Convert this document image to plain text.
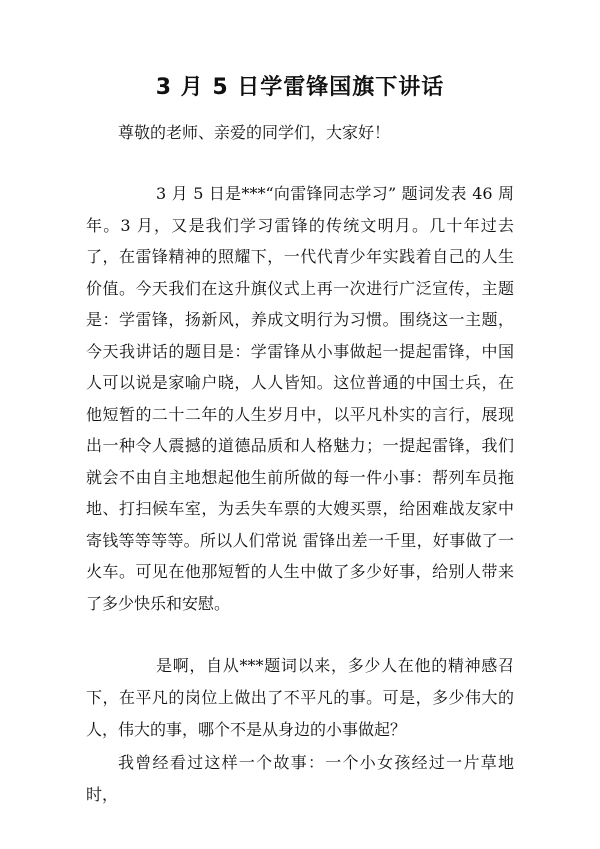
3 月 5 日学雷锋国旗下讲话

尊敬的老师、亲爱的同学们，大家好！

3 月 5 日是***“向雷锋同志学习” 题词发表 46 周年。3 月，又是我们学习雷锋的传统文明月。几十年过去了，在雷锋精神的照耀下，一代代青少年实践着自己的人生价值。今天我们在这升旗仪式上再一次进行广泛宣传，主题是：学雷锋，扬新风，养成文明行为习惯。围绕这一主题，今天我讲话的题目是：学雷锋从小事做起一提起雷锋，中国人可以说是家喻户晓，人人皆知。这位普通的中国士兵，在他短暂的二十二年的人生岁月中，以平凡朴实的言行，展现出一种令人震撼的道德品质和人格魅力；一提起雷锋，我们就会不由自主地想起他生前所做的每一件小事：帮列车员拖地、打扫候车室，为丢失车票的大嫂买票，给困难战友家中寄钱等等等等。所以人们常说 雷锋出差一千里，好事做了一火车。可见在他那短暂的人生中做了多少好事，给别人带来了多少快乐和安慰。

是啊，自从***题词以来，多少人在他的精神感召下，在平凡的岗位上做出了不平凡的事。可是，多少伟大的人，伟大的事，哪个不是从身边的小事做起？

我曾经看过这样一个故事：一个小女孩经过一片草地时，
